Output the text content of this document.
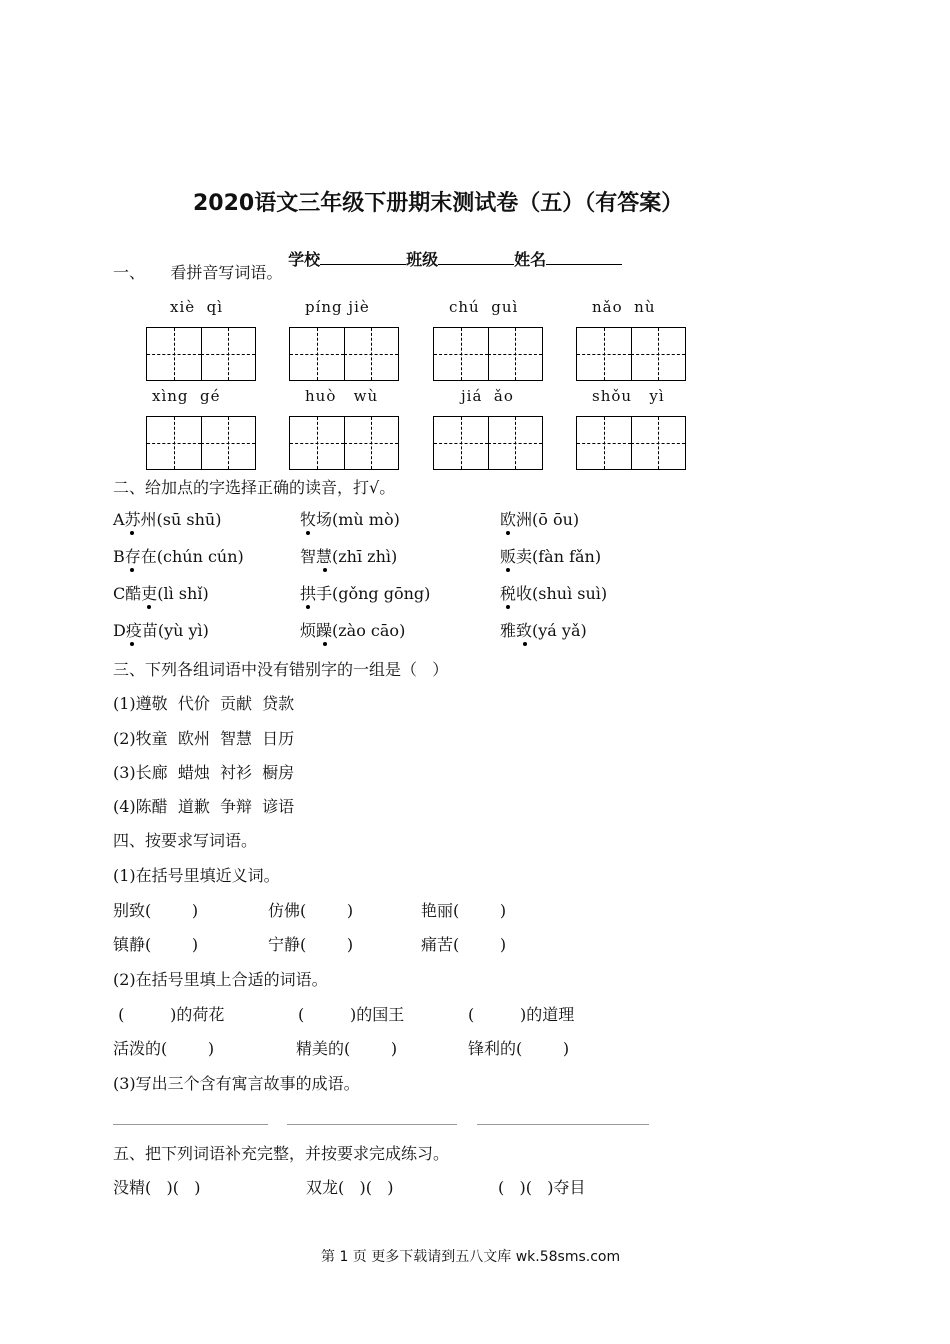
2020语文三年级下册期末测试卷（五）（有答案）

学校	班级	姓名

一、     看拼音写词语。
xiè  qì	píng jiè	chú  guì	nǎo  nù
xìng  gé	huò   wù	jiá  ǎo	shǒu   yì
二、给加点的字选择正确的读音，打√。
A苏州(sū shū)	牧场(mù mò)	欧洲(ō ōu)
B存在(chún cún)	智慧(zhī zhì)	贩卖(fàn fǎn)
C酷吏(lì shǐ)	拱手(gǒng gōng)	税收(shuì suì)
D疫苗(yù yì)	烦躁(zào cāo)	雅致(yá yǎ)
三、下列各组词语中没有错别字的一组是（   ）
(1)遵敬  代价  贡献  贷款
(2)牧童  欧州  智慧  日历
(3)长廊  蜡烛  衬衫  橱房
(4)陈醋  道歉  争辩  谚语
四、按要求写词语。
(1)在括号里填近义词。
别致(        )	仿佛(        )	艳丽(        )
镇静(        )	宁静(        )	痛苦(        )
(2)在括号里填上合适的词语。
(         )的荷花	(         )的国王	(         )的道理
活泼的(        )	精美的(        )	锋利的(        )
(3)写出三个含有寓言故事的成语。
五、把下列词语补充完整，并按要求完成练习。
没精(   )(   )	双龙(   )(   )	(   )(   )夺目
第 1 页 更多下载请到五八文库 wk.58sms.com
